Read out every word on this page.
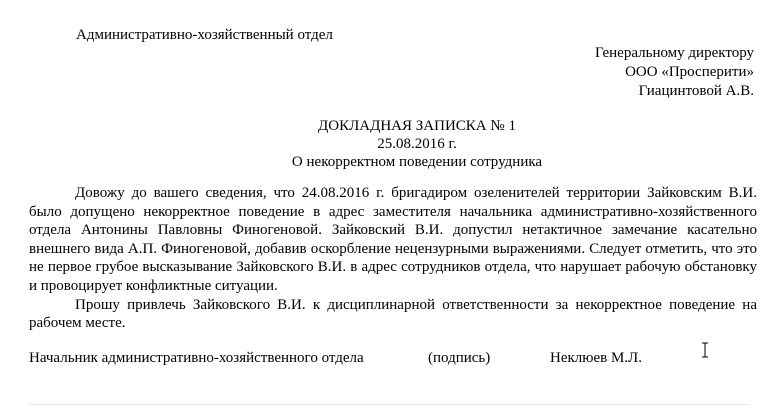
Административно-хозяйственный отдел
Генеральному директору
ООО «Просперити»
Гиацинтовой А.В.
ДОКЛАДНАЯ ЗАПИСКА № 1
25.08.2016 г.
О некорректном поведении сотрудника

Довожу до вашего сведения, что 24.08.2016 г. бригадиром озеленителей территории Зайковским В.И. было допущено некорректное поведение в адрес заместителя начальника административно-хозяйственного отдела Антонины Павловны Финогеновой. Зайковский В.И. допустил нетактичное замечание касательно внешнего вида А.П. Финогеновой, добавив оскорбление нецензурными выражениями. Следует отметить, что это не первое грубое высказывание Зайковского В.И. в адрес сотрудников отдела, что нарушает рабочую обстановку и провоцирует конфликтные ситуации.

Прошу привлечь Зайковского В.И. к дисциплинарной ответственности за некорректное поведение на рабочем месте.

Начальник административно-хозяйственного отдела	(подпись)	Неклюев М.Л.
